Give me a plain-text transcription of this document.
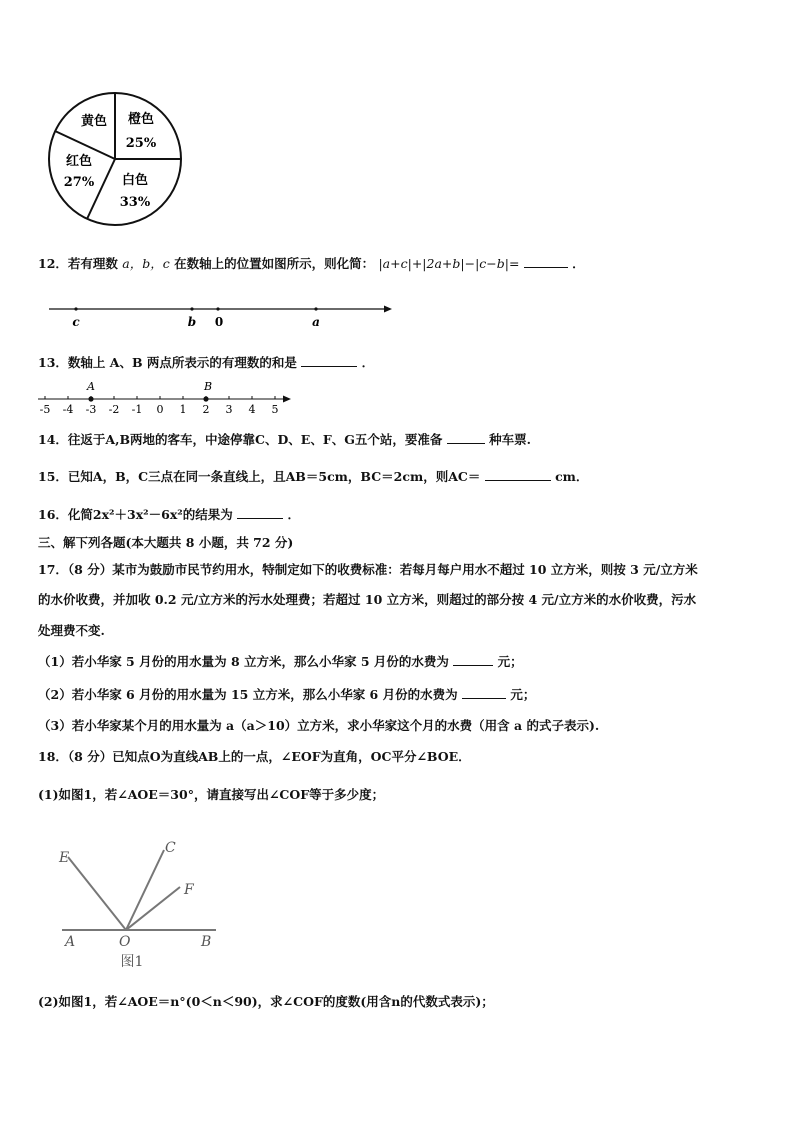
黄色 橙色
25%
红色
27% 白色
33%
12．若有理数 a，b，c 在数轴上的位置如图所示，则化简： |a+c|+|2a+b|−|c−b|=	．
c	b 0	a
13．数轴上 A、B 两点所表示的有理数的和是	．
-5 -4 -3 -2 -1 0 1 2 3 4 5
A	B
14．往返于A,B两地的客车，中途停靠C、D、E、F、G五个站，要准备	种车票.
15．已知A，B，C三点在同一条直线上，且AB＝5cm，BC＝2cm，则AC＝	cm．
16．化简2x²＋3x²－6x²的结果为	．
三、解下列各题(本大题共 8 小题，共 72 分)
17．（8 分）某市为鼓励市民节约用水，特制定如下的收费标准：若每月每户用水不超过 10 立方米，则按 3 元/立方米
的水价收费，并加收 0.2 元/立方米的污水处理费；若超过 10 立方米，则超过的部分按 4 元/立方米的水价收费，污水
处理费不变.
（1）若小华家 5 月份的用水量为 8 立方米，那么小华家 5 月份的水费为	元；
（2）若小华家 6 月份的用水量为 15 立方米，那么小华家 6 月份的水费为	元；
（3）若小华家某个月的用水量为 a（a＞10）立方米，求小华家这个月的水费（用含 a 的式子表示).
18．（8 分）已知点O为直线AB上的一点，∠EOF为直角，OC平分∠BOE．
(1)如图1，若∠AOE＝30°，请直接写出∠COF等于多少度；
E
C
F
A	O	B
图1
(2)如图1，若∠AOE＝n°(0＜n＜90)，求∠COF的度数(用含n的代数式表示)；
